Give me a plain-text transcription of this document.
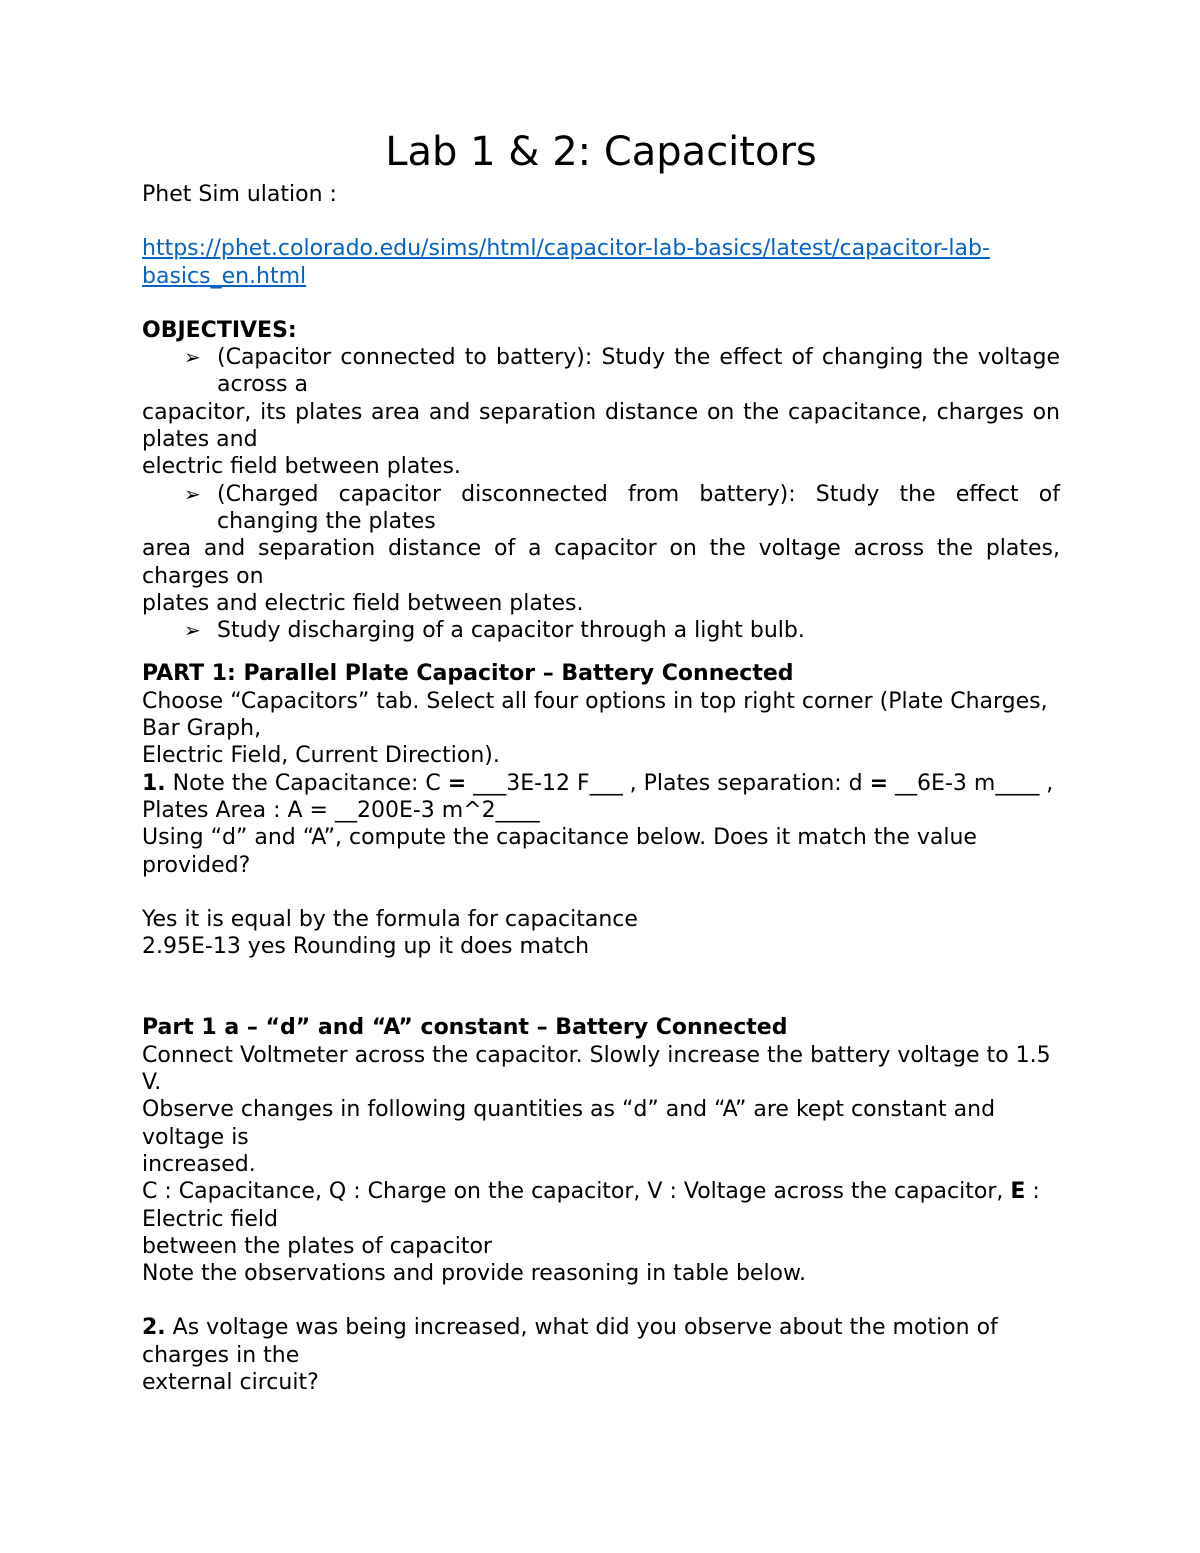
Lab 1 & 2: Capacitors

Phet Sim ulation :

https://phet.colorado.edu/sims/html/capacitor-lab-basics/latest/capacitor-lab-basics_en.html

OBJECTIVES:

➢ (Capacitor connected to battery): Study the effect of changing the voltage across a

capacitor, its plates area and separation distance on the capacitance, charges on plates and

electric field between plates.

➢ (Charged capacitor disconnected from battery): Study the effect of changing the plates

area and separation distance of a capacitor on the voltage across the plates, charges on

plates and electric field between plates.

➢ Study discharging of a capacitor through a light bulb.

PART 1: Parallel Plate Capacitor – Battery Connected

Choose “Capacitors” tab. Select all four options in top right corner (Plate Charges, Bar Graph,

Electric Field, Current Direction).

1. Note the Capacitance: C = ___3E-12 F___ , Plates separation: d = __6E-3 m____ , Plates Area : A = __200E-3 m^2____

Using “d” and “A”, compute the capacitance below. Does it match the value provided?

Yes it is equal by the formula for capacitance

2.95E-13 yes Rounding up it does match

Part 1 a – “d” and “A” constant – Battery Connected

Connect Voltmeter across the capacitor. Slowly increase the battery voltage to 1.5 V.

Observe changes in following quantities as “d” and “A” are kept constant and voltage is

increased.

C : Capacitance, Q : Charge on the capacitor, V : Voltage across the capacitor, E : Electric field

between the plates of capacitor

Note the observations and provide reasoning in table below.

2. As voltage was being increased, what did you observe about the motion of charges in the

external circuit?
